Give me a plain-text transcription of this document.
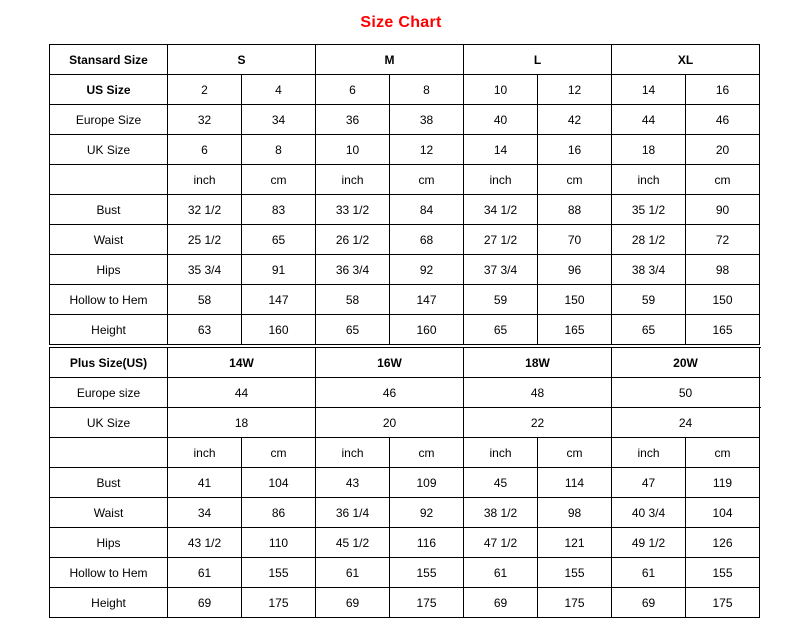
Size Chart
Stansard Size	S		M		L		XL		
US Size	2	4	6	8	10	12	14	16	
Europe Size	32	34	36	38	40	42	44	46	
UK Size	6	8	10	12	14	16	18	20	
	inch	cm	inch	cm	inch	cm	inch	cm								
Bust	32 1/2	83	33 1/2	84	34 1/2	88	35 1/2	90								
Waist	25 1/2	65	26 1/2	68	27 1/2	70	28 1/2	72								
Hips	35 3/4	91	36 3/4	92	37 3/4	96	38 3/4	98								
Hollow to Hem	58	147	58	147	59	150	59	150								
Height	63	160	65	160	65	165	65	165								
Plus Size(US)	14W		16W		18W		20W				
Europe size	44		46		48		50				
UK Size	18		20		22		24				
	inch	cm	inch	cm	inch	cm	inch	cm							
Bust	41	104	43	109	45	114	47	119							
Waist	34	86	36 1/4	92	38 1/2	98	40 3/4	104							
Hips	43 1/2	110	45 1/2	116	47 1/2	121	49 1/2	126							
Hollow to Hem	61	155	61	155	61	155	61	155							
Height	69	175	69	175	69	175	69	175							
